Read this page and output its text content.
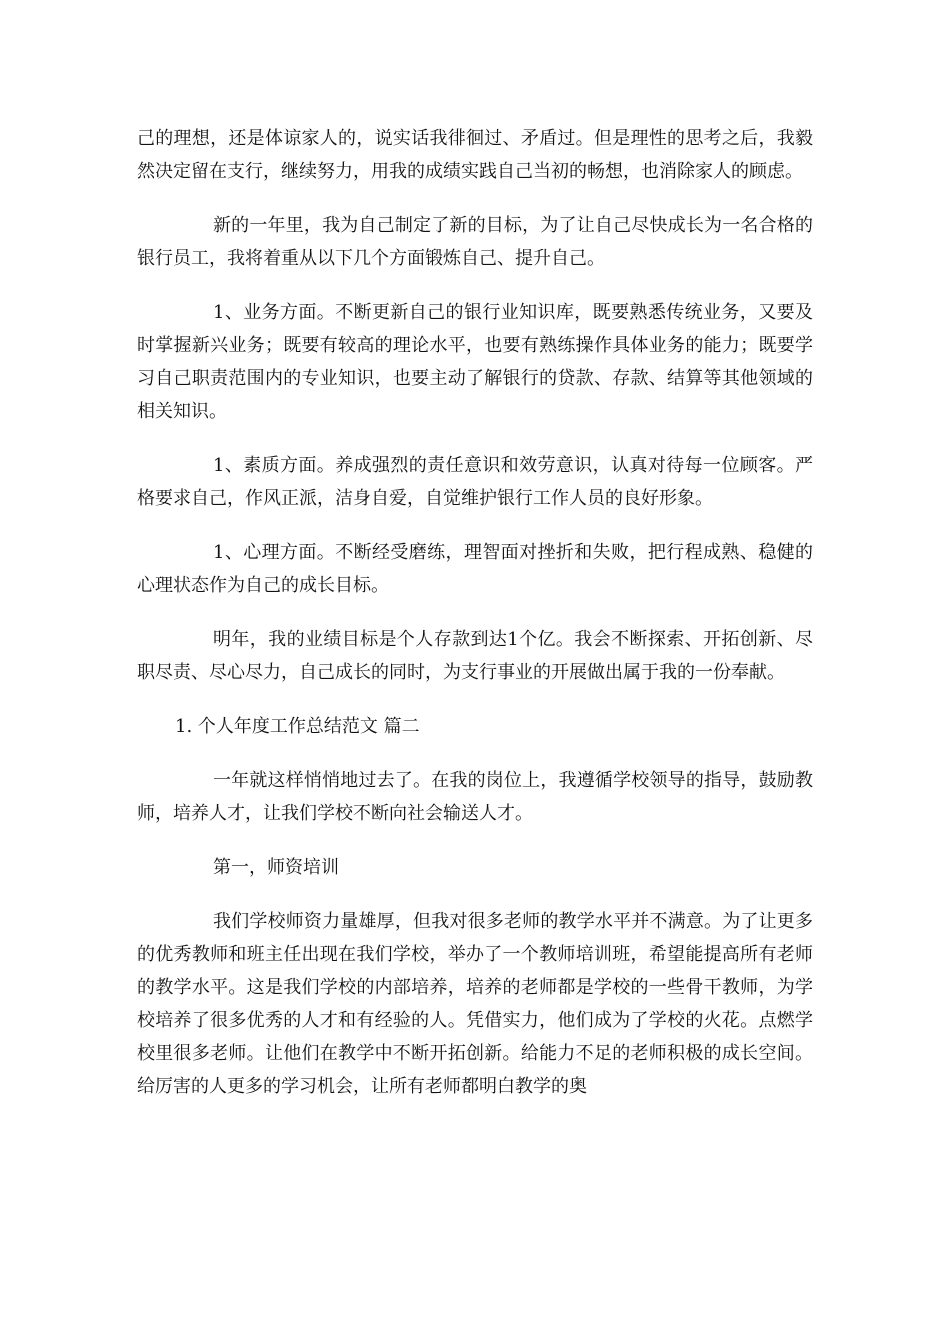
己的理想，还是体谅家人的，说实话我徘徊过、矛盾过。但是理性的思考之后，我毅然决定留在支行，继续努力，用我的成绩实践自己当初的畅想，也消除家人的顾虑。

新的一年里，我为自己制定了新的目标，为了让自己尽快成长为一名合格的银行员工，我将着重从以下几个方面锻炼自己、提升自己。

1、业务方面。不断更新自己的银行业知识库，既要熟悉传统业务，又要及时掌握新兴业务；既要有较高的理论水平，也要有熟练操作具体业务的能力；既要学习自己职责范围内的专业知识，也要主动了解银行的贷款、存款、结算等其他领域的相关知识。

1、素质方面。养成强烈的责任意识和效劳意识，认真对待每一位顾客。严格要求自己，作风正派，洁身自爱，自觉维护银行工作人员的良好形象。

1、心理方面。不断经受磨练，理智面对挫折和失败，把行程成熟、稳健的心理状态作为自己的成长目标。

明年，我的业绩目标是个人存款到达1个亿。我会不断探索、开拓创新、尽职尽责、尽心尽力，自己成长的同时，为支行事业的开展做出属于我的一份奉献。

1. 个人年度工作总结范文 篇二

一年就这样悄悄地过去了。在我的岗位上，我遵循学校领导的指导，鼓励教师，培养人才，让我们学校不断向社会输送人才。

第一，师资培训

我们学校师资力量雄厚，但我对很多老师的教学水平并不满意。为了让更多的优秀教师和班主任出现在我们学校，举办了一个教师培训班，希望能提高所有老师的教学水平。这是我们学校的内部培养，培养的老师都是学校的一些骨干教师，为学校培养了很多优秀的人才和有经验的人。凭借实力，他们成为了学校的火花。点燃学校里很多老师。让他们在教学中不断开拓创新。给能力不足的老师积极的成长空间。给厉害的人更多的学习机会，让所有老师都明白教学的奥
